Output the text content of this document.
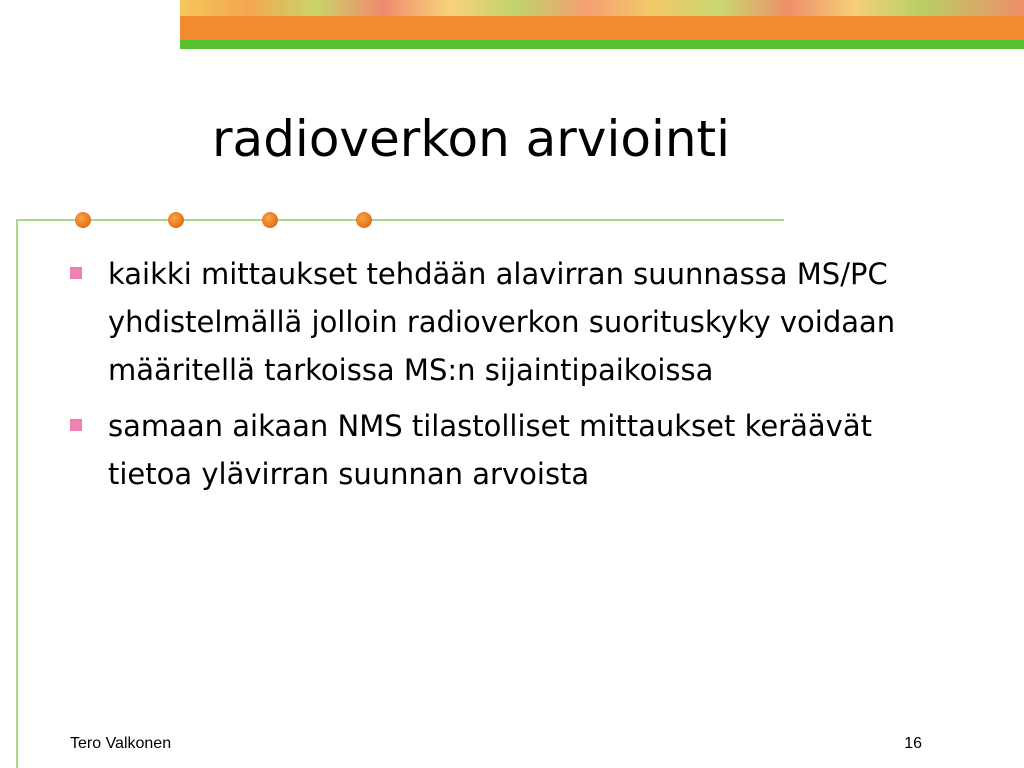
radioverkon arviointi
kaikki mittaukset tehdään alavirran suunnassa MS/PC yhdistelmällä jolloin radioverkon suorituskyky voidaan määritellä tarkoissa MS:n sijaintipaikoissa
samaan aikaan NMS tilastolliset mittaukset keräävät tietoa ylävirran suunnan arvoista
Tero Valkonen	16
